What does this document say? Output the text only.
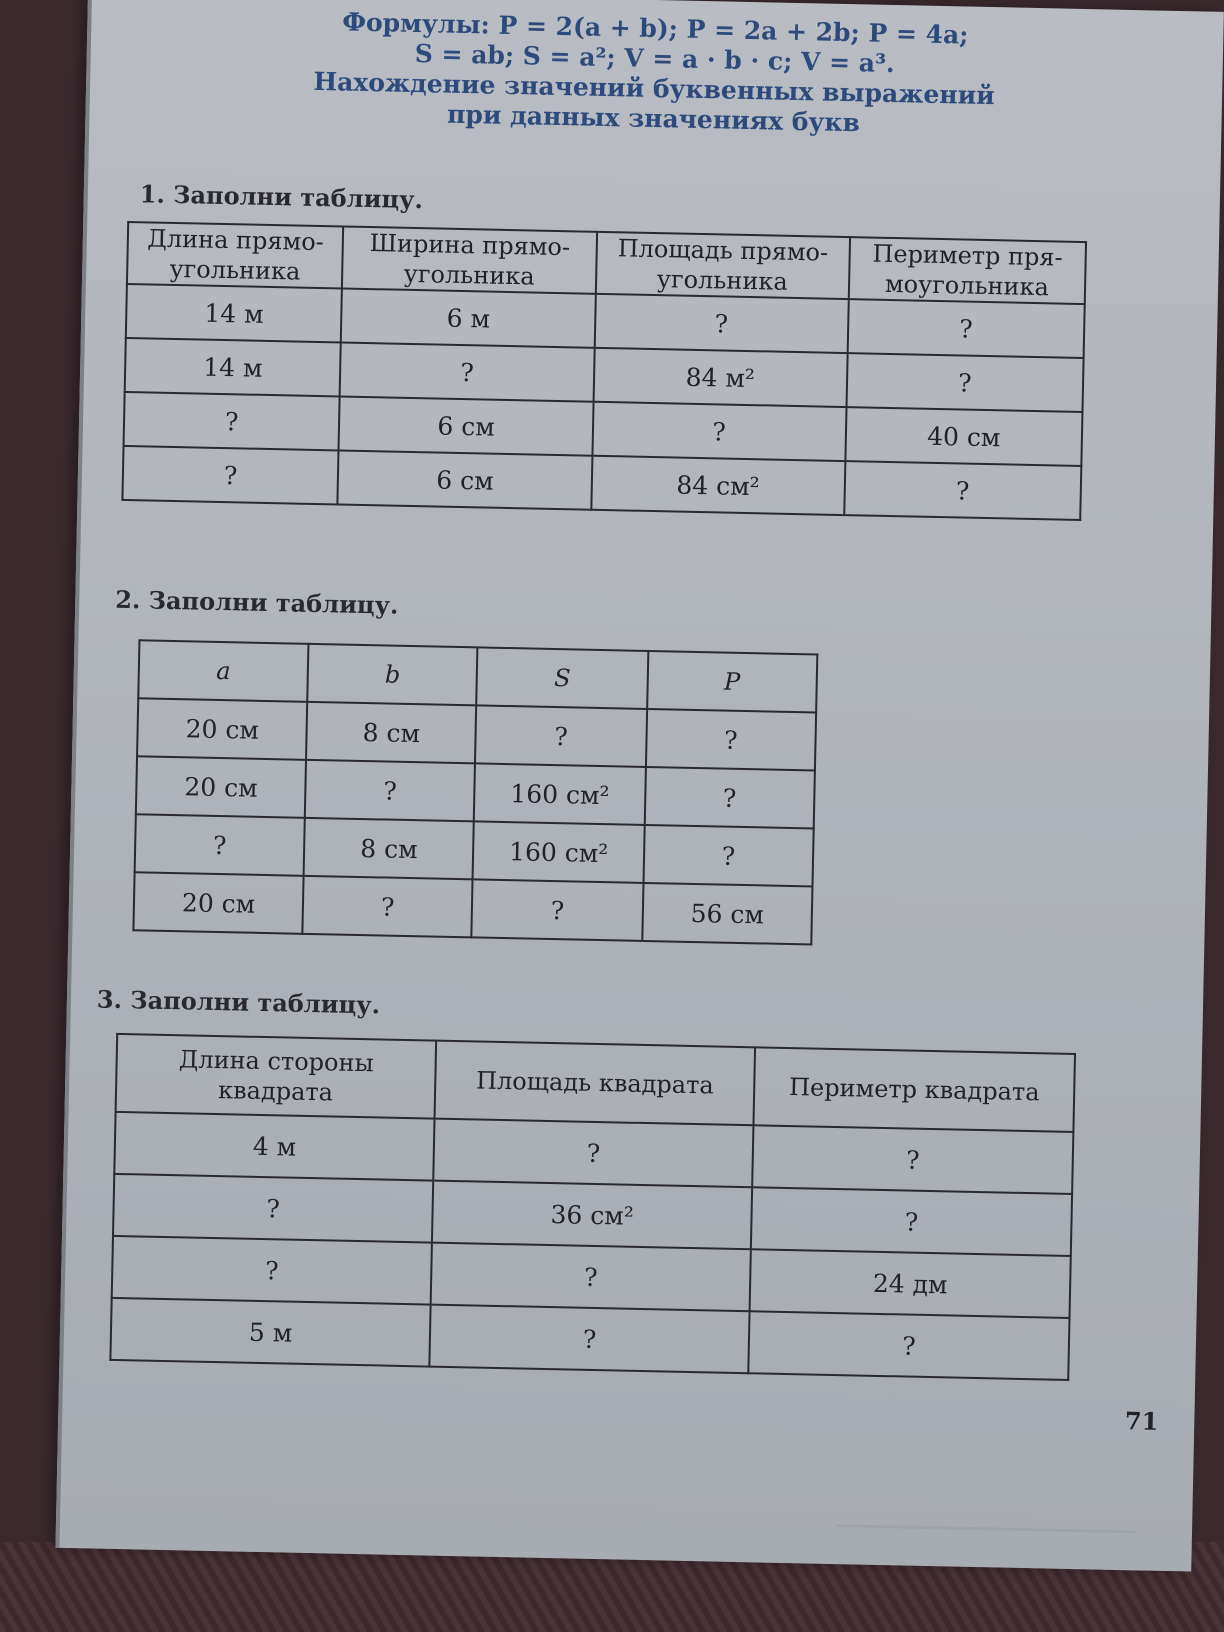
Формулы: P = 2(a + b); P = 2a + 2b; P = 4a;
S = ab; S = a²; V = a · b · c; V = a³.
Нахождение значений буквенных выражений
при данных значениях букв
1. Заполни таблицу.
Длина прямо-угольника	Ширина прямо-угольника	Площадь прямо-угольника	Периметр пря-моугольника
14 м	6 м	?	?
14 м	?	84 м²	?
?	6 см	?	40 см
?	6 см	84 см²	?
2. Заполни таблицу.
a	b	S	P
20 см	8 см	?	?
20 см	?	160 см²	?
?	8 см	160 см²	?
20 см	?	?	56 см
3. Заполни таблицу.
Длина стороны квадрата	Площадь квадрата	Периметр квадрата
4 м	?	?
?	36 см²	?
?	?	24 дм
5 м	?	?
71
